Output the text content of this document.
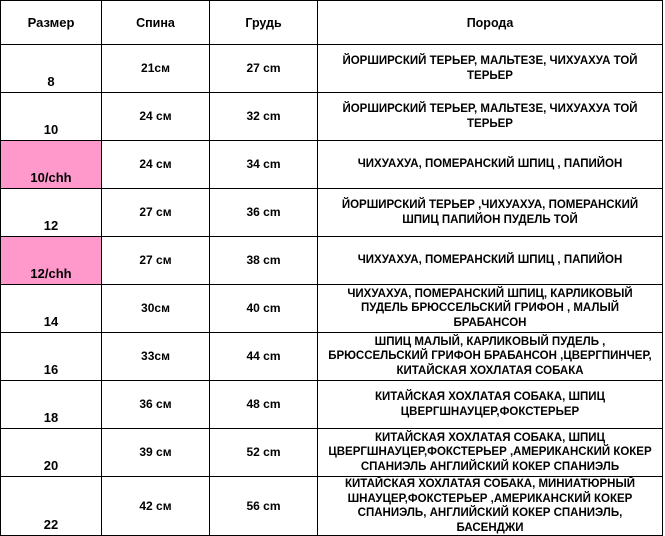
Размер	Спина	Грудь	Порода
8	21см	27 cm	ЙОРШИРСКИЙ ТЕРЬЕР, МАЛЬТЕЗЕ, ЧИХУАХУА ТОЙ ТЕРЬЕР
10	24 см	32 cm	ЙОРШИРСКИЙ ТЕРЬЕР, МАЛЬТЕЗЕ, ЧИХУАХУА ТОЙ ТЕРЬЕР
10/chh	24 см	34 cm	ЧИХУАХУА, ПОМЕРАНСКИЙ ШПИЦ , ПАПИЙОН
12	27 см	36 cm	ЙОРШИРСКИЙ ТЕРЬЕР ,ЧИХУАХУА, ПОМЕРАНСКИЙ ШПИЦ ПАПИЙОН ПУДЕЛЬ ТОЙ
12/chh	27 см	38 cm	ЧИХУАХУА, ПОМЕРАНСКИЙ ШПИЦ , ПАПИЙОН
14	30см	40 cm	ЧИХУАХУА, ПОМЕРАНСКИЙ ШПИЦ, КАРЛИКОВЫЙ ПУДЕЛЬ БРЮССЕЛЬСКИЙ ГРИФОН , МАЛЫЙ БРАБАНСОН
16	33см	44 cm	ШПИЦ МАЛЫЙ, КАРЛИКОВЫЙ ПУДЕЛЬ , БРЮССЕЛЬСКИЙ ГРИФОН БРАБАНСОН ,ЦВЕРГПИНЧЕР, КИТАЙСКАЯ ХОХЛАТАЯ СОБАКА
18	36 см	48 cm	КИТАЙСКАЯ ХОХЛАТАЯ СОБАКА, ШПИЦ ЦВЕРГШНАУЦЕР,ФОКСТЕРЬЕР
20	39 см	52 cm	КИТАЙСКАЯ ХОХЛАТАЯ СОБАКА, ШПИЦ ЦВЕРГШНАУЦЕР,ФОКСТЕРЬЕР ,АМЕРИКАНСКИЙ КОКЕР СПАНИЭЛЬ АНГЛИЙСКИЙ КОКЕР СПАНИЭЛЬ
22	42 см	56 cm	КИТАЙСКАЯ ХОХЛАТАЯ СОБАКА, МИНИАТЮРНЫЙ ШНАУЦЕР,ФОКСТЕРЬЕР ,АМЕРИКАНСКИЙ КОКЕР СПАНИЭЛЬ, АНГЛИЙСКИЙ КОКЕР СПАНИЭЛЬ, БАСЕНДЖИ
